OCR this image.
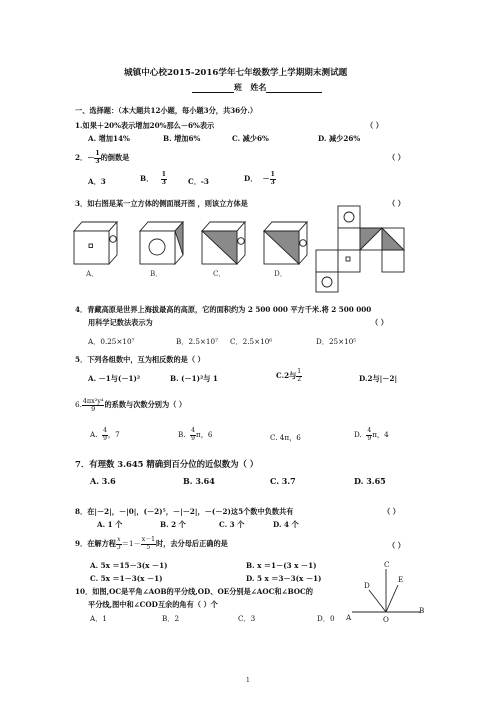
城镇中心校2015-2016学年七年级数学上学期期末测试题
班 姓名
一、选择题：（本大题共12小题，每小题3分，共36分.）
1.如果＋20%表示增加20%那么－6%表示	（ ）
A. 增加14%	B. 增加6%	C. 减少6%	D. 减少26%
2．－ $\frac{1}{3}$ 的倒数是	（ ）
A．3	B． $\frac{1}{3}$	C．-3	D． － $\frac{1}{3}$
3．如右图是某一立方体的侧面展开图 ，则该立方体是	（ ）
A．	B．	C．	D．
4．青藏高原是世界上海拔最高的高原，它的面积约为 2 500 000 平方千米.将 2 500 000
用科学记数法表示为	（ ）
A．0.25×10⁷	B．2.5×10⁷ C．2.5×10⁶	D．25×10⁵
5．下列各组数中，互为相反数的是（ ）
A. －1与(－1)²	B. (－1)²与 1	C.2与 $\frac{1}{2}$	D.2与|－2|
6. $\frac{\text{4πx²y⁴}}{9}$ 的系数与次数分别为（ ）
A. $\frac{4}{9}$ ，7	B. $\frac{4}{9}$ π，6	C. 4π，6	D. $\frac{4}{9}$ π，4
7．有理数 3.645 精确到百分位的近似数为（ ）
A. 3.6	B. 3.64	C. 3.7	D. 3.65
8．在|－2|，－|0|，(－2)⁵，－|－2|，－(－2)这5个数中负数共有	（ ）
A. 1 个	B. 2 个	C. 3 个	D. 4 个
9．在解方程 $\frac{x}{3} =1- \frac{x-1}{5}$ 时，去分母后正确的是	（ ）
A. 5x ＝15－3(x －1)	B. x ＝1－(3 x －1)
C. 5x ＝1－3(x －1)	D. 5 x ＝3－3(x －1)
10．如图,OC是平角∠AOB的平分线,OD、OE分别是∠AOC和∠BOC的
平分线,图中和∠COD互余的角有（ ）个
A．1	B．2	C．3	D．0
C
D
E
A	O
B
1
